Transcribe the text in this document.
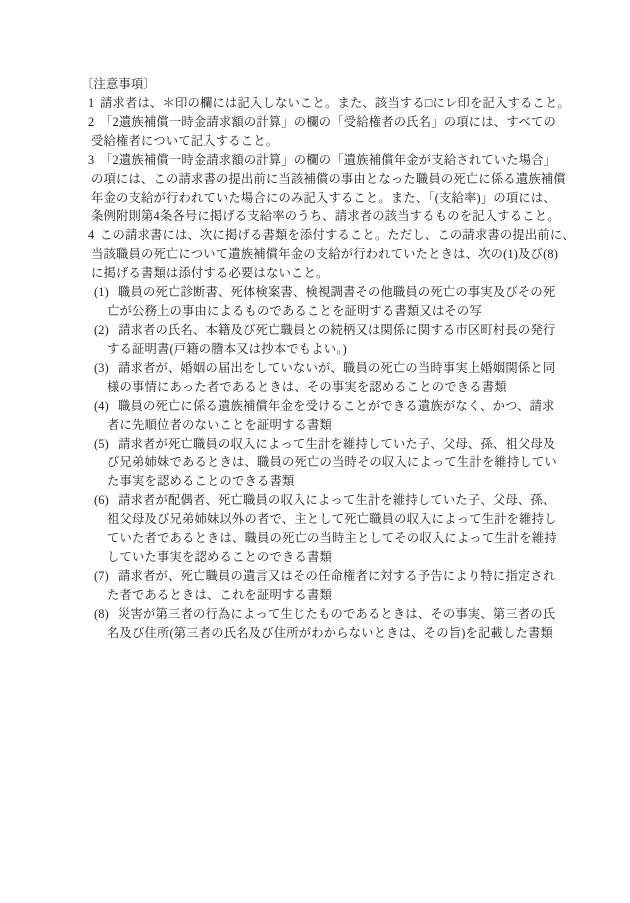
〔注意事項〕
1 請求者は、＊印の欄には記入しないこと。また、該当する□にレ印を記入すること。
2 「2遺族補償一時金請求額の計算」の欄の「受給権者の氏名」の項には、すべての
受給権者について記入すること。
3 「2遺族補償一時金請求額の計算」の欄の「遺族補償年金が支給されていた場合」
の項には、この請求書の提出前に当該補償の事由となった職員の死亡に係る遺族補償
年金の支給が行われていた場合にのみ記入すること。また、「(支給率)」の項には、
条例附則第4条各号に掲げる支給率のうち、請求者の該当するものを記入すること。
4 この請求書には、次に掲げる書類を添付すること。ただし、この請求書の提出前に、
当該職員の死亡について遺族補償年金の支給が行われていたときは、次の(1)及び(8)
に掲げる書類は添付する必要はないこと。
(1) 職員の死亡診断書、死体検案書、検視調書その他職員の死亡の事実及びその死
亡が公務上の事由によるものであることを証明する書類又はその写
(2) 請求者の氏名、本籍及び死亡職員との続柄又は関係に関する市区町村長の発行
する証明書(戸籍の謄本又は抄本でもよい。)
(3) 請求者が、婚姻の届出をしていないが、職員の死亡の当時事実上婚姻関係と同
様の事情にあった者であるときは、その事実を認めることのできる書類
(4) 職員の死亡に係る遺族補償年金を受けることができる遺族がなく、かつ、請求
者に先順位者のないことを証明する書類
(5) 請求者が死亡職員の収入によって生計を維持していた子、父母、孫、祖父母及
び兄弟姉妹であるときは、職員の死亡の当時その収入によって生計を維持してい
た事実を認めることのできる書類
(6) 請求者が配偶者、死亡職員の収入によって生計を維持していた子、父母、孫、
祖父母及び兄弟姉妹以外の者で、主として死亡職員の収入によって生計を維持し
ていた者であるときは、職員の死亡の当時主としてその収入によって生計を維持
していた事実を認めることのできる書類
(7) 請求者が、死亡職員の遺言又はその任命権者に対する予告により特に指定され
た者であるときは、これを証明する書類
(8) 災害が第三者の行為によって生じたものであるときは、その事実、第三者の氏
名及び住所(第三者の氏名及び住所がわからないときは、その旨)を記載した書類
